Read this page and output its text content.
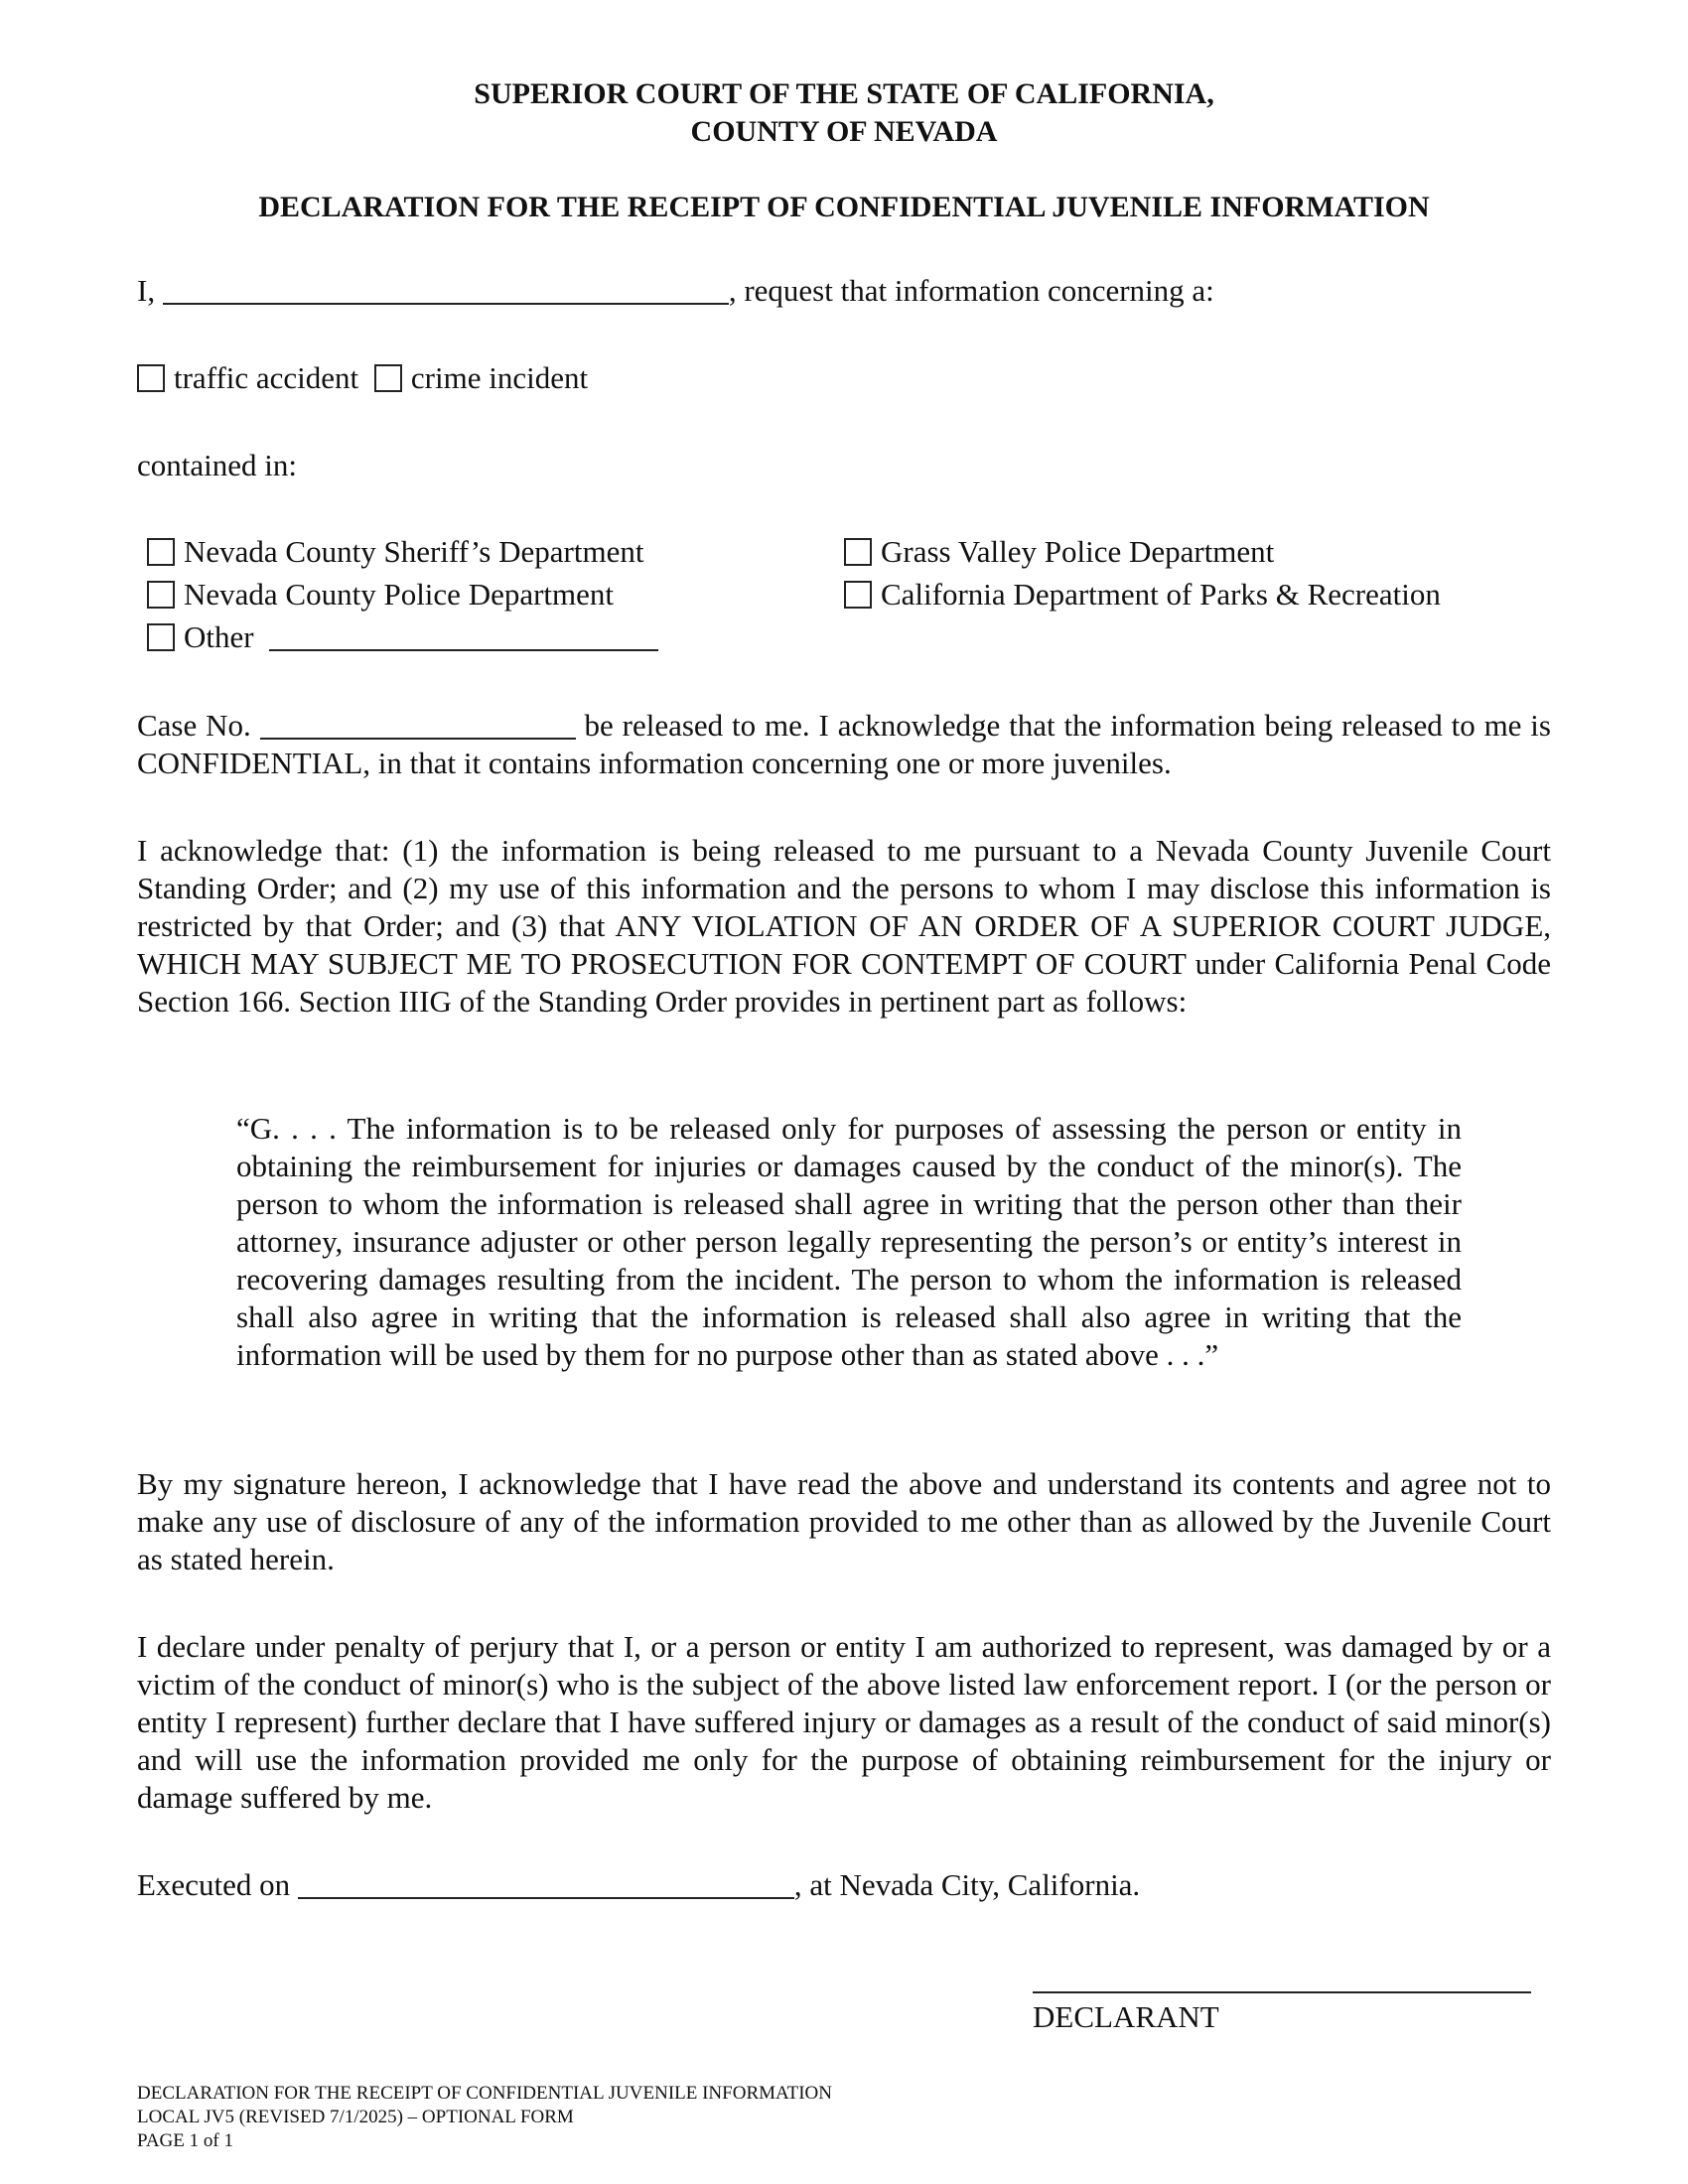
SUPERIOR COURT OF THE STATE OF CALIFORNIA,
COUNTY OF NEVADA
DECLARATION FOR THE RECEIPT OF CONFIDENTIAL JUVENILE INFORMATION
I,	, request that information concerning a:
traffic accident crime incident
contained in:
Nevada County Sheriff’s Department
Nevada County Police Department
Other
Grass Valley Police Department
California Department of Parks & Recreation
Case No.	be released to me. I acknowledge that the information being released to me is CONFIDENTIAL, in that it contains information concerning one or more juveniles.
I acknowledge that: (1) the information is being released to me pursuant to a Nevada County Juvenile Court Standing Order; and (2) my use of this information and the persons to whom I may disclose this information is restricted by that Order; and (3) that ANY VIOLATION OF AN ORDER OF A SUPERIOR COURT JUDGE, WHICH MAY SUBJECT ME TO PROSECUTION FOR CONTEMPT OF COURT under California Penal Code Section 166. Section IIIG of the Standing Order provides in pertinent part as follows:
“G. . . . The information is to be released only for purposes of assessing the person or entity in obtaining the reimbursement for injuries or damages caused by the conduct of the minor(s). The person to whom the information is released shall agree in writing that the person other than their attorney, insurance adjuster or other person legally representing the person’s or entity’s interest in recovering damages resulting from the incident. The person to whom the information is released shall also agree in writing that the information is released shall also agree in writing that the information will be used by them for no purpose other than as stated above . . .”
By my signature hereon, I acknowledge that I have read the above and understand its contents and agree not to make any use of disclosure of any of the information provided to me other than as allowed by the Juvenile Court as stated herein.
I declare under penalty of perjury that I, or a person or entity I am authorized to represent, was damaged by or a victim of the conduct of minor(s) who is the subject of the above listed law enforcement report. I (or the person or entity I represent) further declare that I have suffered injury or damages as a result of the conduct of said minor(s) and will use the information provided me only for the purpose of obtaining reimbursement for the injury or damage suffered by me.
Executed on	, at Nevada City, California.
DECLARANT
DECLARATION FOR THE RECEIPT OF CONFIDENTIAL JUVENILE INFORMATION
LOCAL JV5 (REVISED 7/1/2025) – OPTIONAL FORM
PAGE 1 of 1
